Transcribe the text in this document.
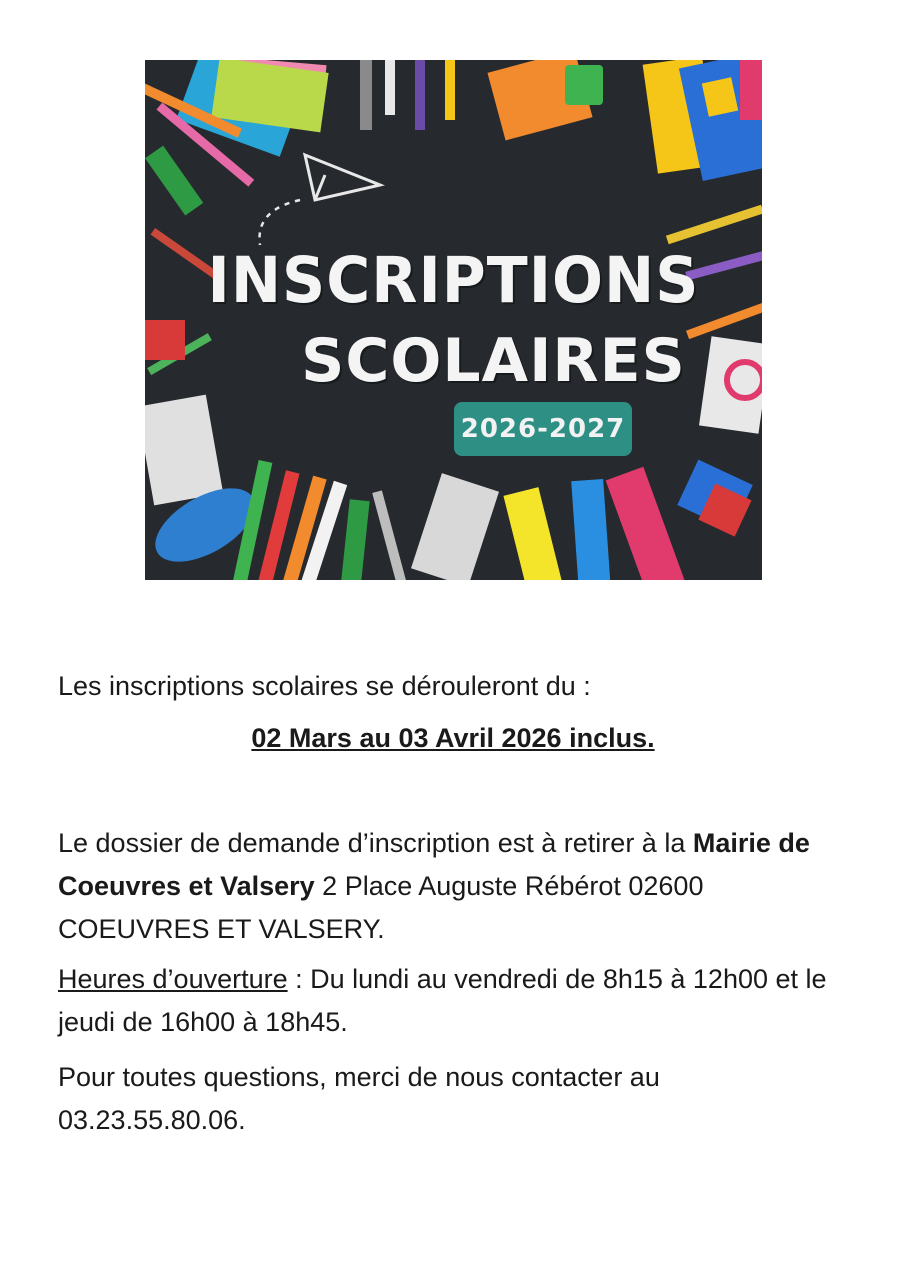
INSCRIPTIONS
SCOLAIRES
2026-2027

Les inscriptions scolaires se dérouleront du :

02 Mars au 03 Avril 2026 inclus.

Le dossier de demande d’inscription est à retirer à la Mairie de Coeuvres et Valsery 2 Place Auguste Rébérot 02600 COEUVRES ET VALSERY.

Heures d’ouverture : Du lundi au vendredi de 8h15 à 12h00 et le jeudi de 16h00 à 18h45.

Pour toutes questions, merci de nous contacter au 03.23.55.80.06.
